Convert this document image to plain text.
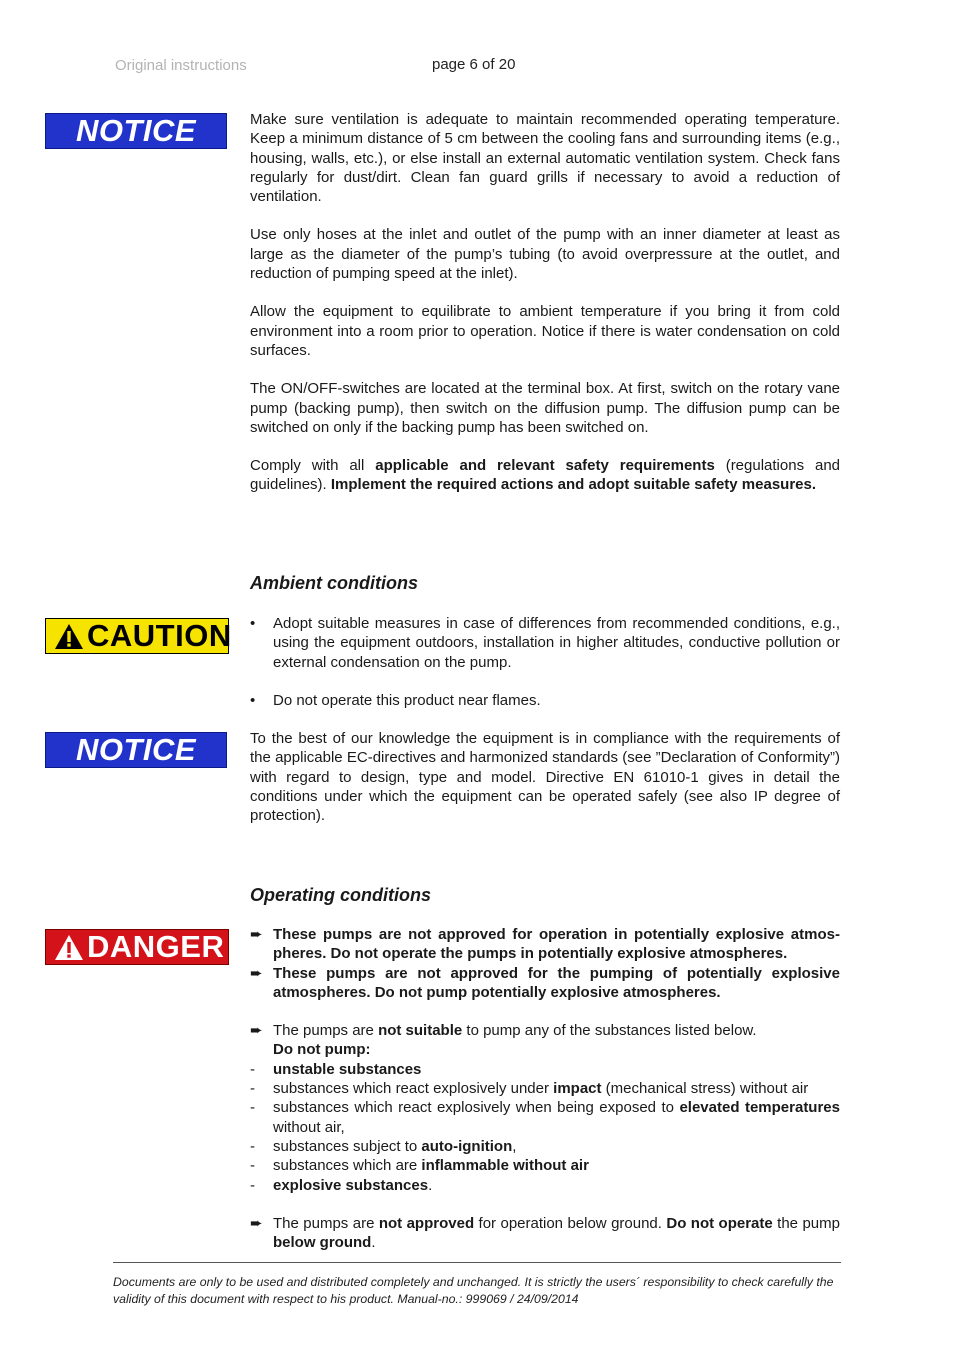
Original instructions	page 6 of 20
NOTICE	Make sure ventilation is adequate to maintain recommended operating temperature. Keep a minimum distance of 5 cm between the cooling fans and surrounding items (e.g., housing, walls, etc.), or else install an external automatic ventilation system. Check fans regularly for dust/dirt. Clean fan guard grills if necessary to avoid a reduction of ventilation.

Use only hoses at the inlet and outlet of the pump with an inner diameter at least as large as the diameter of the pump’s tubing (to avoid overpressure at the outlet, and reduction of pumping speed at the inlet).

Allow the equipment to equilibrate to ambient temperature if you bring it from cold environment into a room prior to operation. Notice if there is water condensation on cold surfaces.

The ON/OFF-switches are located at the terminal box. At first, switch on the rotary vane pump (backing pump), then switch on the diffusion pump. The diffusion pump can be switched on only if the backing pump has been switched on.

Comply with all applicable and relevant safety requirements (regulations and guidelines). Implement the required actions and adopt suitable safety measures.

Ambient conditions
CAUTION • Adopt suitable measures in case of differences from recommended conditions, e.g., using the equipment outdoors, installation in higher altitudes, conductive pollution or external condensation on the pump.
• Do not operate this product near flames.
NOTICE	To the best of our knowledge the equipment is in compliance with the requirements of the applicable EC-directives and harmonized standards (see ”Declaration of Conformity”) with regard to design, type and model. Directive EN 61010-1 gives in detail the conditions under which the equipment can be operated safely (see also IP degree of protection).

Operating conditions
DANGER ➨ These pumps are not approved for operation in potentially explosive atmospheres. Do not operate the pumps in potentially explosive atmospheres.
➨ These pumps are not approved for the pumping of potentially explosive atmospheres. Do not pump potentially explosive atmospheres.
➨ The pumps are not suitable to pump any of the substances listed below.
Do not pump:
- unstable substances
- substances which react explosively under impact (mechanical stress) without air
- substances which react explosively when being exposed to elevated temperatures without air,
- substances subject to auto-ignition,
- substances which are inflammable without air
- explosive substances.
➨ The pumps are not approved for operation below ground. Do not operate the pump below ground.
Documents are only to be used and distributed completely and unchanged. It is strictly the users´ responsibility to check carefully the validity of this document with respect to his product. Manual-no.: 999069 / 24/09/2014
